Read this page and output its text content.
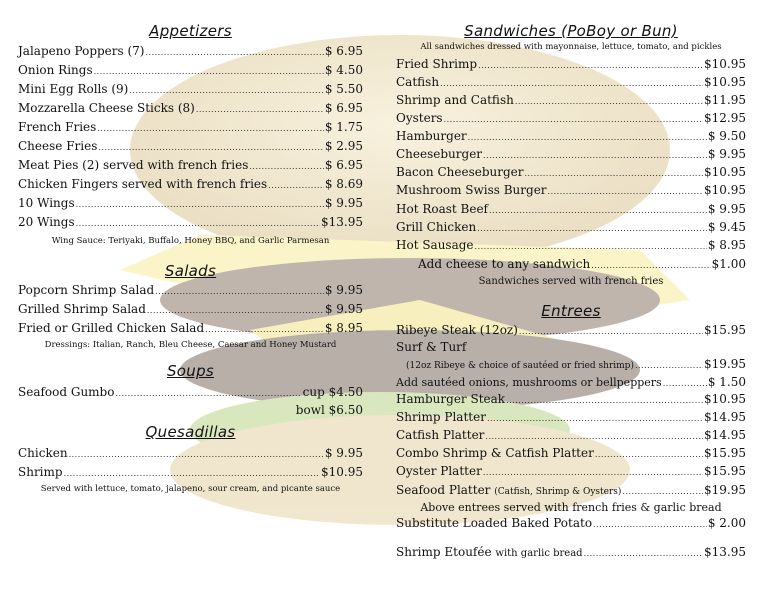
Appetizers
Jalapeno Poppers (7) .....	$ 6.95
Onion Rings .....	$ 4.50
Mini Egg Rolls (9) .....	$ 5.50
Mozzarella Cheese Sticks (8) .....	$ 6.95
French Fries .....	$ 1.75
Cheese Fries .....	$ 2.95
Meat Pies (2) served with french fries .....	$ 6.95
Chicken Fingers served with french fries .....	$ 8.69
10 Wings .....	$ 9.95
20 Wings .....	$13.95
Wing Sauce: Teriyaki, Buffalo, Honey BBQ, and Garlic Parmesan
Salads
Popcorn Shrimp Salad .....	$ 9.95
Grilled Shrimp Salad .....	$ 9.95
Fried or Grilled Chicken Salad .....	$ 8.95
Dressings: Italian, Ranch, Bleu Cheese, Caesar and Honey Mustard
Soups
Seafood Gumbo .....	cup $4.50
bowl $6.50
Quesadillas
Chicken .....	$ 9.95
Shrimp .....	$10.95
Served with lettuce, tomato, jalapeno, sour cream, and picante sauce
Sandwiches (PoBoy or Bun)
All sandwiches dressed with mayonnaise, lettuce, tomato, and pickles
Fried Shrimp .....	$10.95
Catfish .....	$10.95
Shrimp and Catfish .....	$11.95
Oysters .....	$12.95
Hamburger .....	$ 9.50
Cheeseburger .....	$ 9.95
Bacon Cheeseburger .....	$10.95
Mushroom Swiss Burger .....	$10.95
Hot Roast Beef .....	$ 9.95
Grill Chicken .....	$ 9.45
Hot Sausage .....	$ 8.95
Add cheese to any sandwich .....	$1.00
Sandwiches served with french fries
Entrees
Ribeye Steak (12oz) .....	$15.95
Surf & Turf
(12oz Ribeye & choice of sautéed or fried shrimp) .....	$19.95
Add sautéed onions, mushrooms or bellpeppers .....	$ 1.50
Hamburger Steak .....	$10.95
Shrimp Platter .....	$14.95
Catfish Platter .....	$14.95
Combo Shrimp & Catfish Platter .....	$15.95
Oyster Platter .....	$15.95
Seafood Platter (Catfish, Shrimp & Oysters) .....	$19.95
Above entrees served with french fries & garlic bread
Substitute Loaded Baked Potato .....	$ 2.00
Shrimp Etoufée with garlic bread .....	$13.95
